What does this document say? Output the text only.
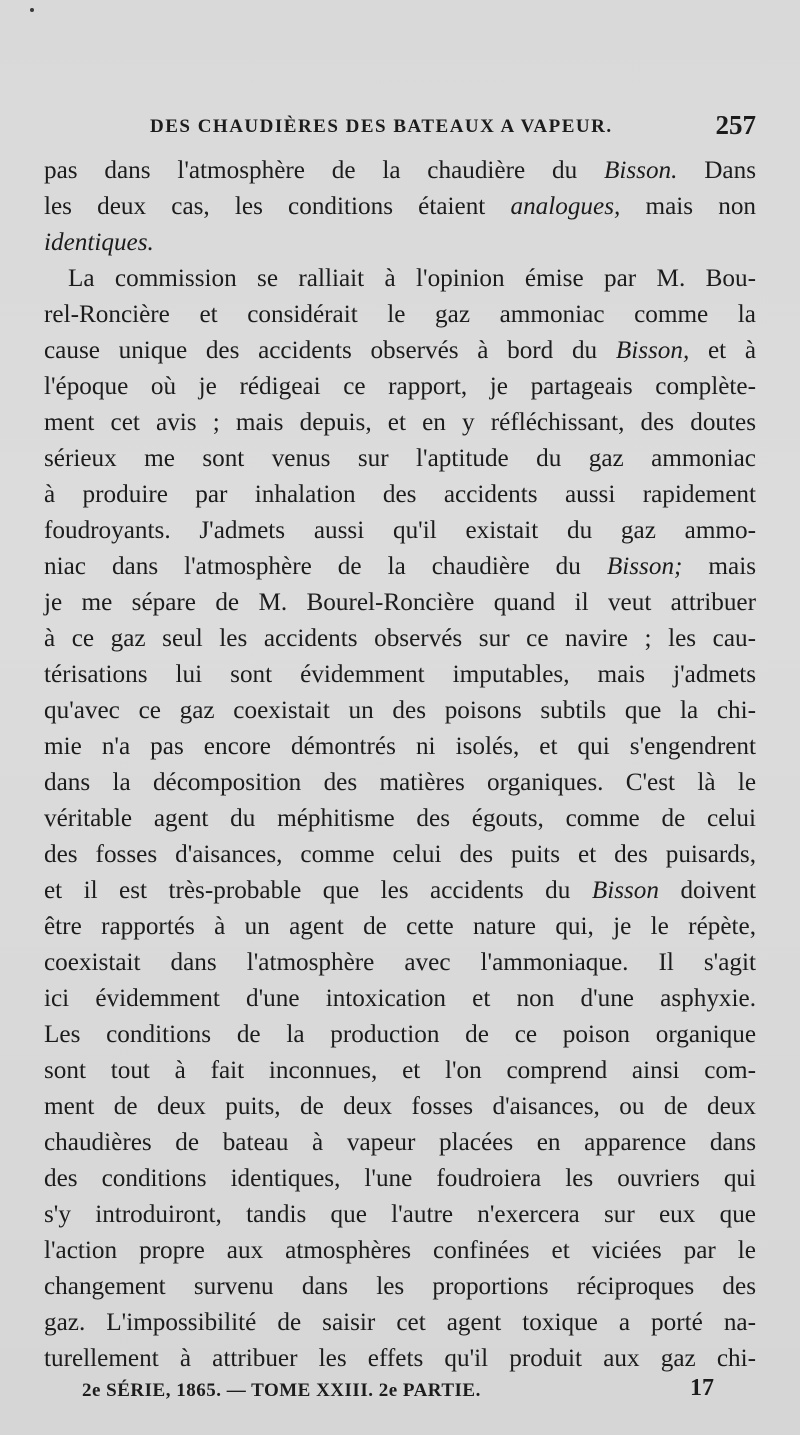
DES CHAUDIÈRES DES BATEAUX A VAPEUR.	257
pas dans l'atmosphère de la chaudière du Bisson. Dans
les deux cas, les conditions étaient analogues, mais non
identiques.
La commission se ralliait à l'opinion émise par M. Bou-
rel-Roncière et considérait le gaz ammoniac comme la
cause unique des accidents observés à bord du Bisson, et à
l'époque où je rédigeai ce rapport, je partageais complète-
ment cet avis ; mais depuis, et en y réfléchissant, des doutes
sérieux me sont venus sur l'aptitude du gaz ammoniac
à produire par inhalation des accidents aussi rapidement
foudroyants. J'admets aussi qu'il existait du gaz ammo-
niac dans l'atmosphère de la chaudière du Bisson; mais
je me sépare de M. Bourel-Roncière quand il veut attribuer
à ce gaz seul les accidents observés sur ce navire ; les cau-
térisations lui sont évidemment imputables, mais j'admets
qu'avec ce gaz coexistait un des poisons subtils que la chi-
mie n'a pas encore démontrés ni isolés, et qui s'engendrent
dans la décomposition des matières organiques. C'est là le
véritable agent du méphitisme des égouts, comme de celui
des fosses d'aisances, comme celui des puits et des puisards,
et il est très-probable que les accidents du Bisson doivent
être rapportés à un agent de cette nature qui, je le répète,
coexistait dans l'atmosphère avec l'ammoniaque. Il s'agit
ici évidemment d'une intoxication et non d'une asphyxie.
Les conditions de la production de ce poison organique
sont tout à fait inconnues, et l'on comprend ainsi com-
ment de deux puits, de deux fosses d'aisances, ou de deux
chaudières de bateau à vapeur placées en apparence dans
des conditions identiques, l'une foudroiera les ouvriers qui
s'y introduiront, tandis que l'autre n'exercera sur eux que
l'action propre aux atmosphères confinées et viciées par le
changement survenu dans les proportions réciproques des
gaz. L'impossibilité de saisir cet agent toxique a porté na-
turellement à attribuer les effets qu'il produit aux gaz chi-
2e SÉRIE, 1865. — TOME XXIII. 2e PARTIE.	17
